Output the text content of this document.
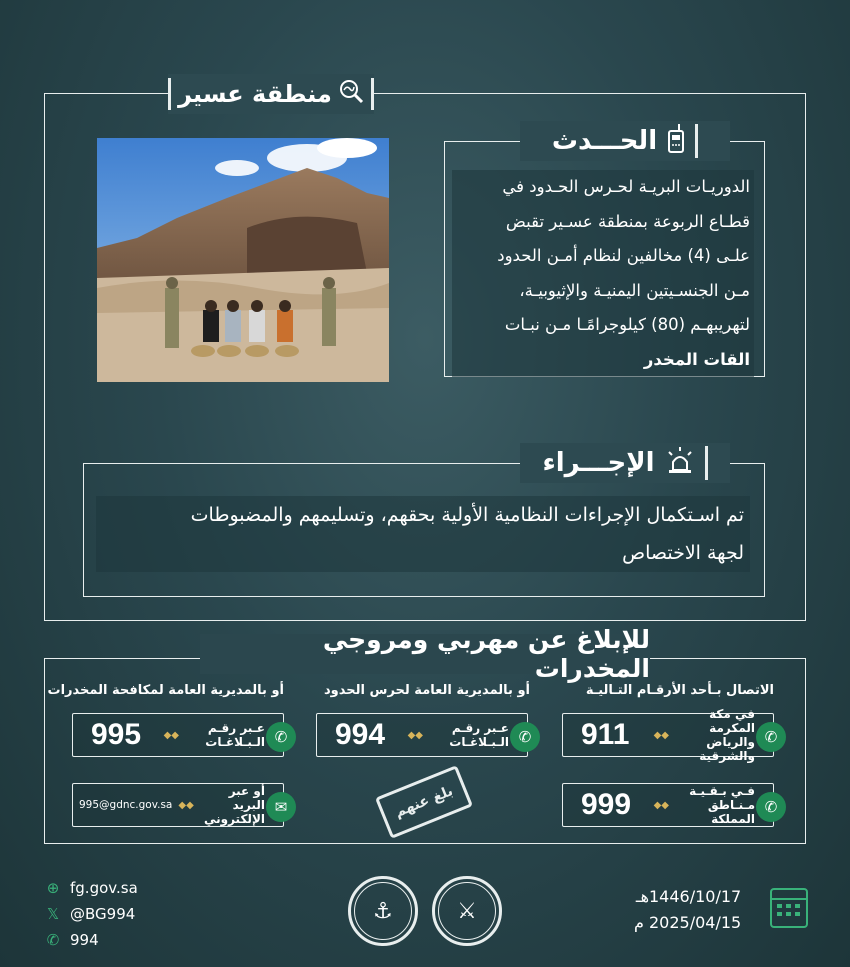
منطقة عسير
الحـــدث
الدوريـات البريـة لحـرس الحـدود في
قطـاع الربوعة بمنطقة عسـير تقبض
علـى (4) مخالفين لنظام أمـن الحدود
مـن الجنسـيتين اليمنيـة والإثيوبيـة،
لتهريبهـم (80) كيلوجرامًـا مـن نبـات
القات المخدر
الإجـــراء
تم اسـتكمال الإجراءات النظامية الأولية بحقهم، وتسليمهم والمضبوطات
لجهة الاختصاص
للإبلاغ عن مهربي ومروجي المخدرات
الاتصال بـأحد الأرقـام التـاليـة
أو بالمديرية العامة لحرس الحدود
أو بالمديرية العامة لمكافحة المخدرات
في مكة المكرمة والرياض والشرقية
◆◆
911	✆
فـي بـقـيـة مـنـاطق المملكة
◆◆
999	✆
عـبر رقـم الـبـلاغـات
◆◆
994	✆
عـبر رقـم الـبـلاغـات
◆◆
995	✆
أو عبر البريد الإلكتروني
◆◆
995@gdnc.gov.sa	✉	بلغ عنهم
⊕ fg.gov.sa
𝕏 @BG994
✆ 994
⚓	⚔
1446/10/17هـ
2025/04/15 م
